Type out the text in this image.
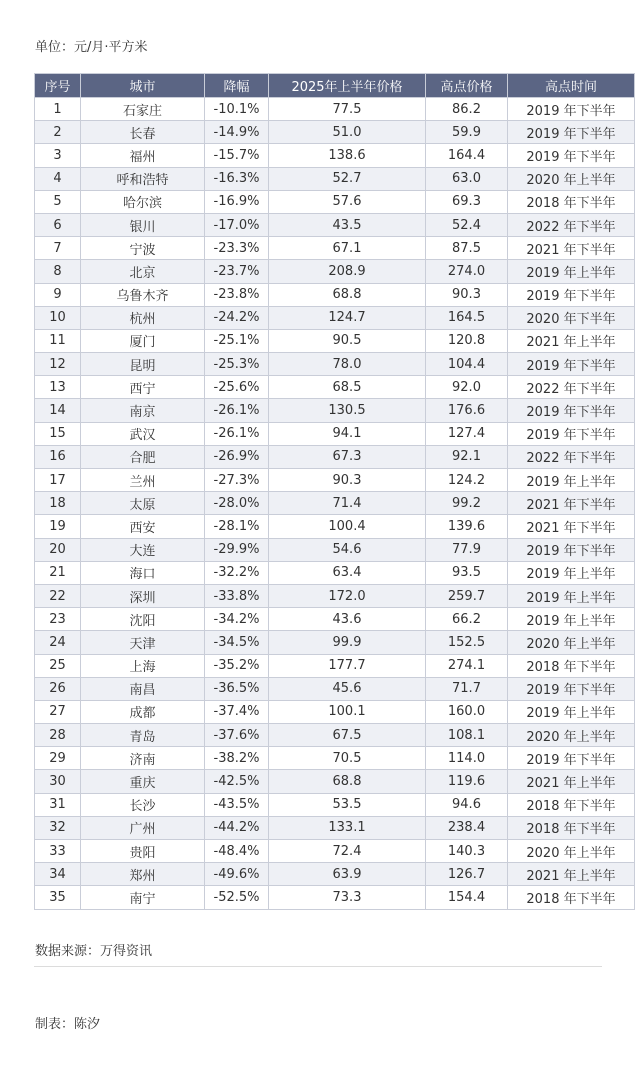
单位：元/月·平方米
序号	城市	降幅	2025年上半年价格	高点价格	高点时间
1	石家庄	-10.1%	77.5	86.2	2019 年下半年
2	长春	-14.9%	51.0	59.9	2019 年下半年
3	福州	-15.7%	138.6	164.4	2019 年下半年
4	呼和浩特	-16.3%	52.7	63.0	2020 年上半年
5	哈尔滨	-16.9%	57.6	69.3	2018 年下半年
6	银川	-17.0%	43.5	52.4	2022 年下半年
7	宁波	-23.3%	67.1	87.5	2021 年下半年
8	北京	-23.7%	208.9	274.0	2019 年上半年
9	乌鲁木齐	-23.8%	68.8	90.3	2019 年下半年
10	杭州	-24.2%	124.7	164.5	2020 年下半年
11	厦门	-25.1%	90.5	120.8	2021 年上半年
12	昆明	-25.3%	78.0	104.4	2019 年下半年
13	西宁	-25.6%	68.5	92.0	2022 年下半年
14	南京	-26.1%	130.5	176.6	2019 年下半年
15	武汉	-26.1%	94.1	127.4	2019 年下半年
16	合肥	-26.9%	67.3	92.1	2022 年下半年
17	兰州	-27.3%	90.3	124.2	2019 年上半年
18	太原	-28.0%	71.4	99.2	2021 年下半年
19	西安	-28.1%	100.4	139.6	2021 年下半年
20	大连	-29.9%	54.6	77.9	2019 年下半年
21	海口	-32.2%	63.4	93.5	2019 年上半年
22	深圳	-33.8%	172.0	259.7	2019 年上半年
23	沈阳	-34.2%	43.6	66.2	2019 年上半年
24	天津	-34.5%	99.9	152.5	2020 年上半年
25	上海	-35.2%	177.7	274.1	2018 年下半年
26	南昌	-36.5%	45.6	71.7	2019 年下半年
27	成都	-37.4%	100.1	160.0	2019 年上半年
28	青岛	-37.6%	67.5	108.1	2020 年上半年
29	济南	-38.2%	70.5	114.0	2019 年下半年
30	重庆	-42.5%	68.8	119.6	2021 年上半年
31	长沙	-43.5%	53.5	94.6	2018 年下半年
32	广州	-44.2%	133.1	238.4	2018 年下半年
33	贵阳	-48.4%	72.4	140.3	2020 年上半年
34	郑州	-49.6%	63.9	126.7	2021 年上半年
35	南宁	-52.5%	73.3	154.4	2018 年下半年
数据来源：万得资讯
制表：陈汐
